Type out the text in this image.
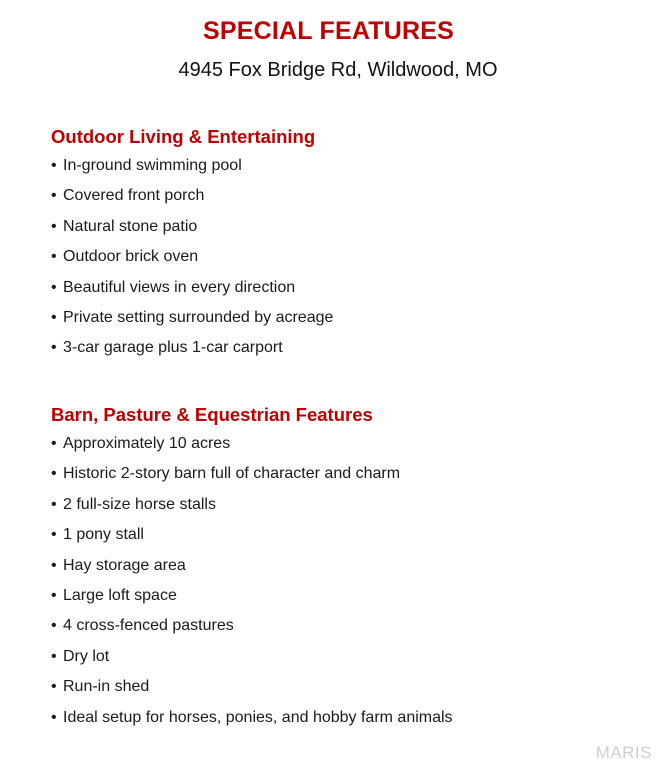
SPECIAL FEATURES
4945 Fox Bridge Rd, Wildwood, MO
Outdoor Living & Entertaining
• In-ground swimming pool
• Covered front porch
• Natural stone patio
• Outdoor brick oven
• Beautiful views in every direction
• Private setting surrounded by acreage
• 3-car garage plus 1-car carport
Barn, Pasture & Equestrian Features
• Approximately 10 acres
• Historic 2-story barn full of character and charm
• 2 full-size horse stalls
• 1 pony stall
• Hay storage area
• Large loft space
• 4 cross-fenced pastures
• Dry lot
• Run-in shed
• Ideal setup for horses, ponies, and hobby farm animals
MARIS
